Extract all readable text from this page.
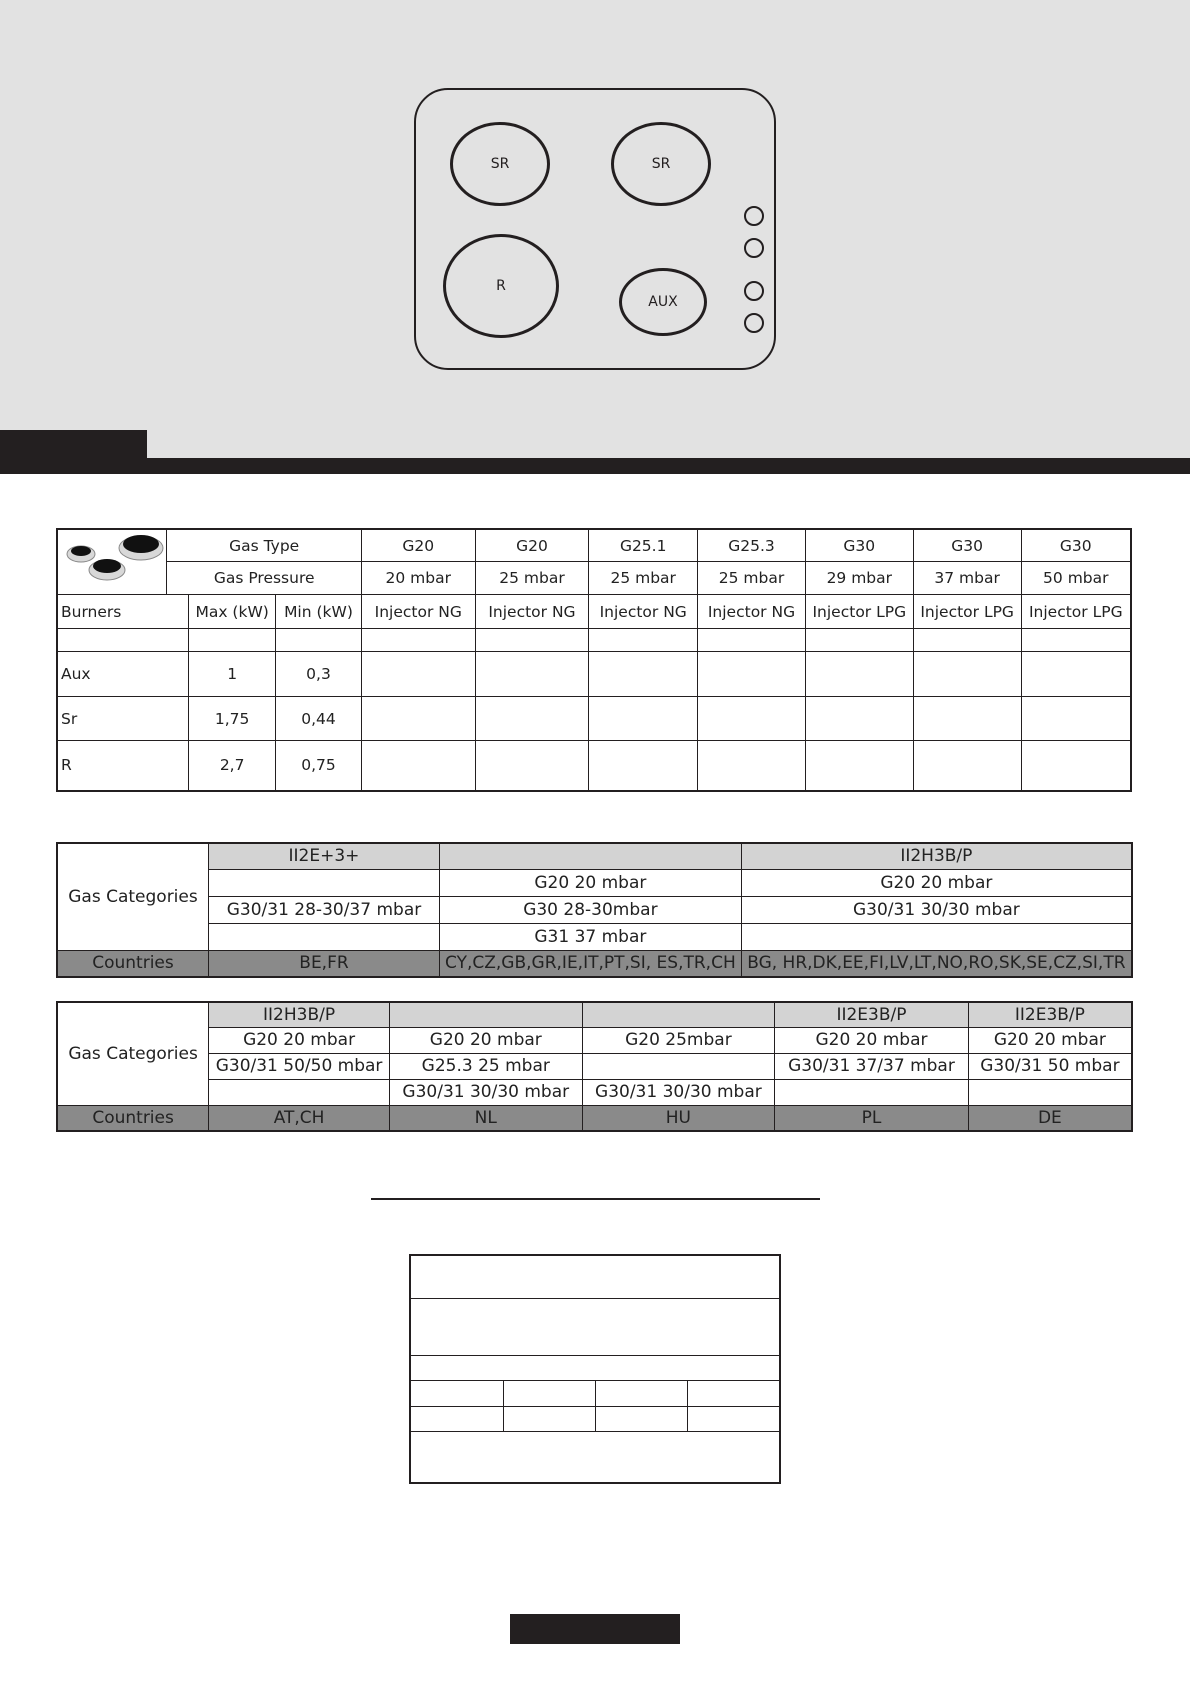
SR	SR
R
AUX
	Gas Type			G20	G20	G25.1	G25.3	G30	G30	G30
	Gas Pressure			20 mbar	25 mbar	25 mbar	25 mbar	29 mbar	37 mbar	50 mbar
Burners		Max (kW)	Min (kW)	Injector NG	Injector NG	Injector NG	Injector NG	Injector LPG	Injector LPG	Injector LPG

Aux		1	0,3							
Sr		1,75	0,44							
R		2,7	0,75							
Gas Categories	II2E+3+		II2H3B/P
		G20 20 mbar	G20 20 mbar
	G30/31 28-30/37 mbar	G30 28-30mbar	G30/31 30/30 mbar
		G31 37 mbar	
Countries	BE,FR	CY,CZ,GB,GR,IE,IT,PT,SI, ES,TR,CH	BG, HR,DK,EE,FI,LV,LT,NO,RO,SK,SE,CZ,SI,TR
Gas Categories	II2H3B/P			II2E3B/P	II2E3B/P
	G20 20 mbar	G20 20 mbar	G20 25mbar	G20 20 mbar	G20 20 mbar
	G30/31 50/50 mbar	G25.3 25 mbar		G30/31 37/37 mbar	G30/31 50 mbar
		G30/31 30/30 mbar	G30/31 30/30 mbar		
Countries	AT,CH	NL	HU	PL	DE
